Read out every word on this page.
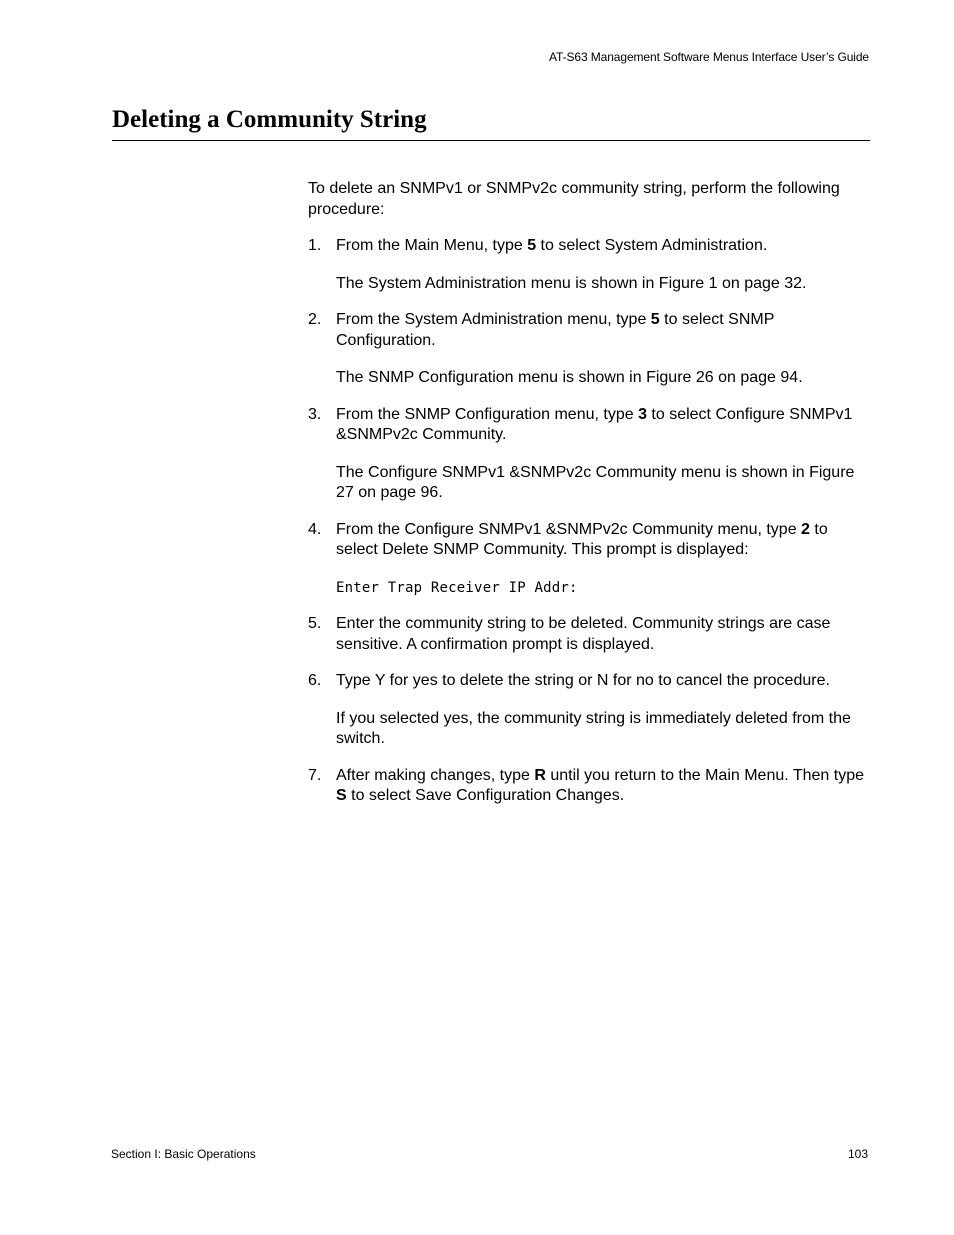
AT-S63 Management Software Menus Interface User’s Guide
Deleting a Community String

To delete an SNMPv1 or SNMPv2c community string, perform the following procedure:

1. From the Main Menu, type 5 to select System Administration.

The System Administration menu is shown in Figure 1 on page 32.

2. From the System Administration menu, type 5 to select SNMP Configuration.

The SNMP Configuration menu is shown in Figure 26 on page 94.

3. From the SNMP Configuration menu, type 3 to select Configure SNMPv1 &SNMPv2c Community.

The Configure SNMPv1 &SNMPv2c Community menu is shown in Figure 27 on page 96.

4. From the Configure SNMPv1 &SNMPv2c Community menu, type 2 to select Delete SNMP Community. This prompt is displayed:

Enter Trap Receiver IP Addr:

5. Enter the community string to be deleted. Community strings are case sensitive. A confirmation prompt is displayed.

6. Type Y for yes to delete the string or N for no to cancel the procedure.

If you selected yes, the community string is immediately deleted from the switch.

7. After making changes, type R until you return to the Main Menu. Then type S to select Save Configuration Changes.

Section I: Basic Operations	103
